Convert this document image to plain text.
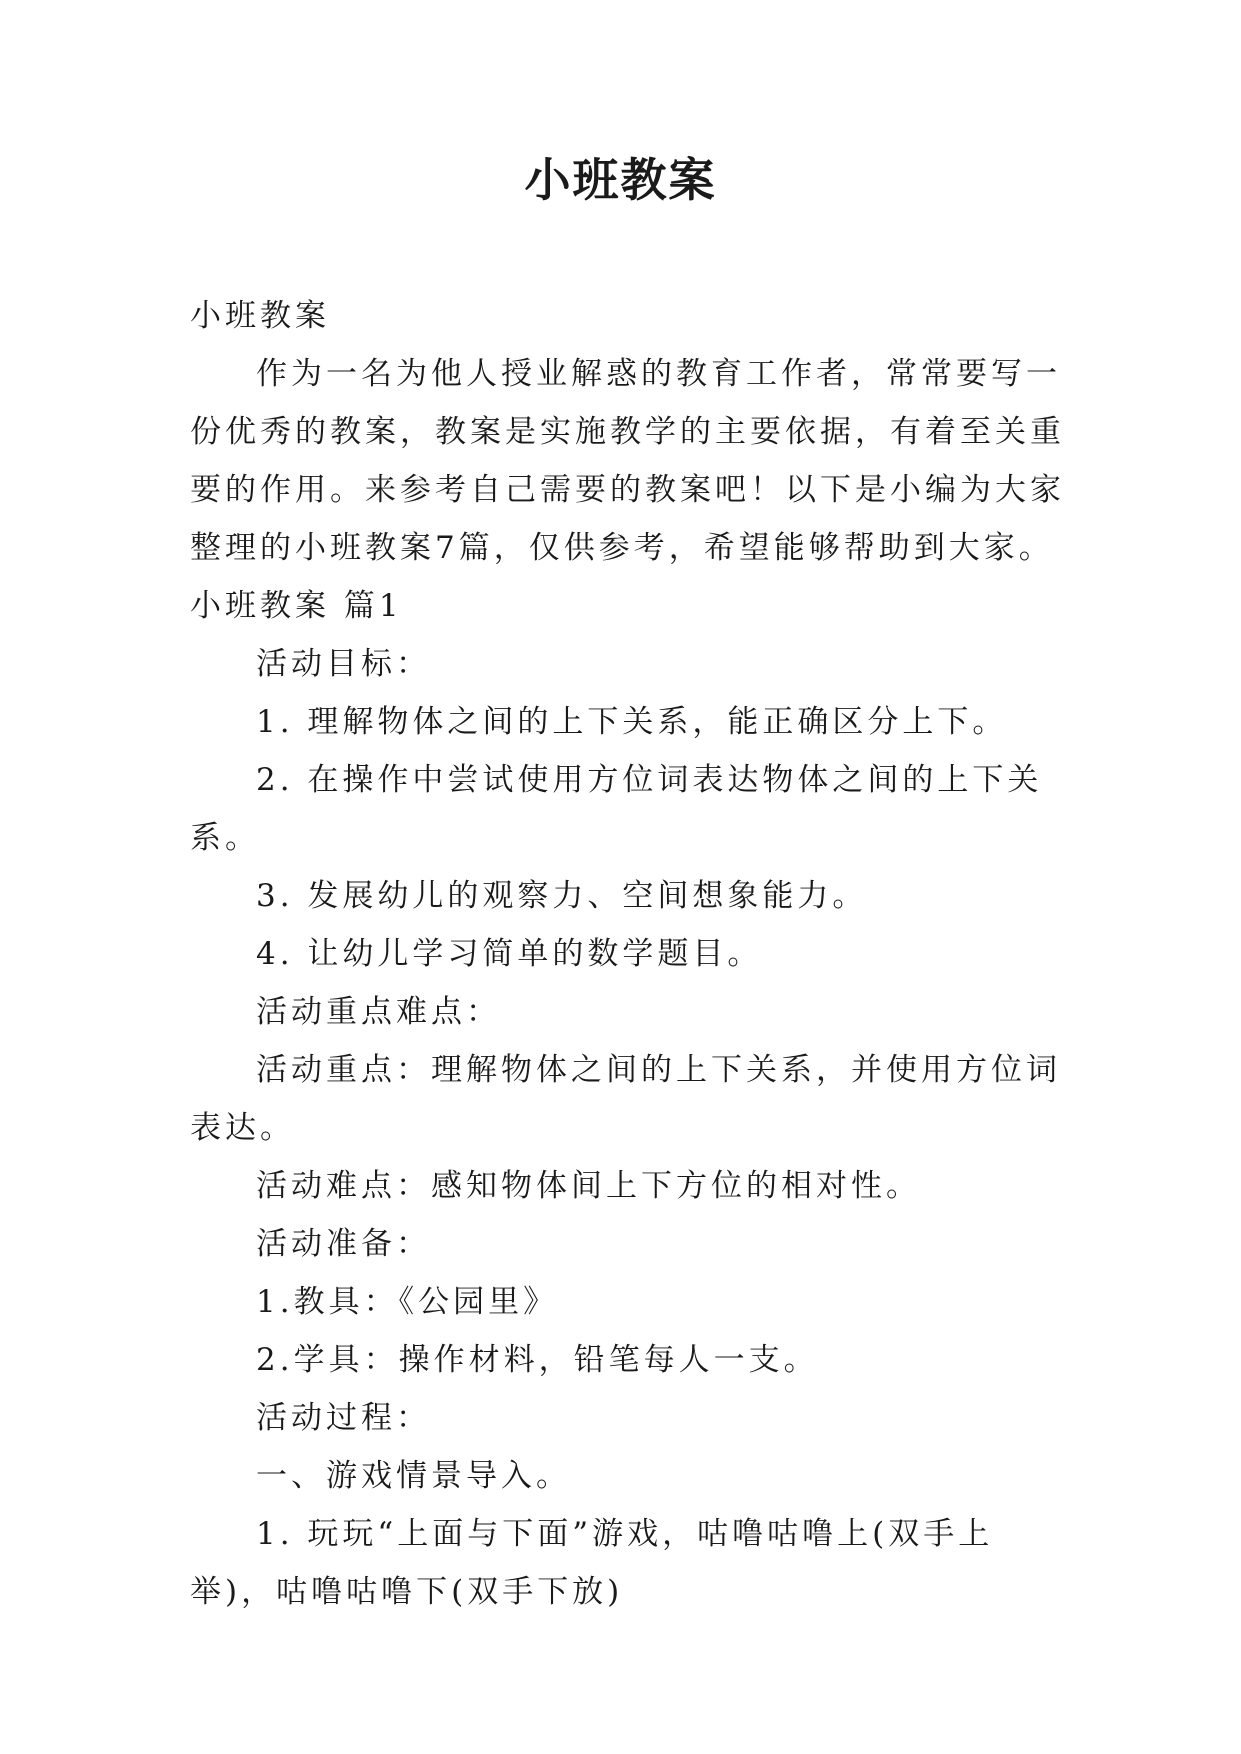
小班教案

小班教案

作为一名为他人授业解惑的教育工作者，常常要写一份优秀的教案，教案是实施教学的主要依据，有着至关重要的作用。来参考自己需要的教案吧！以下是小编为大家整理的小班教案7篇，仅供参考，希望能够帮助到大家。

小班教案 篇1

活动目标：

1. 理解物体之间的上下关系，能正确区分上下。

2. 在操作中尝试使用方位词表达物体之间的上下关系。

3. 发展幼儿的观察力、空间想象能力。

4. 让幼儿学习简单的数学题目。

活动重点难点：

活动重点：理解物体之间的上下关系，并使用方位词表达。

活动难点：感知物体间上下方位的相对性。

活动准备：

1.教具：《公园里》

2.学具：操作材料，铅笔每人一支。

活动过程：

一、游戏情景导入。

1. 玩玩“上面与下面”游戏，咕噜咕噜上(双手上举)，咕噜咕噜下(双手下放)
